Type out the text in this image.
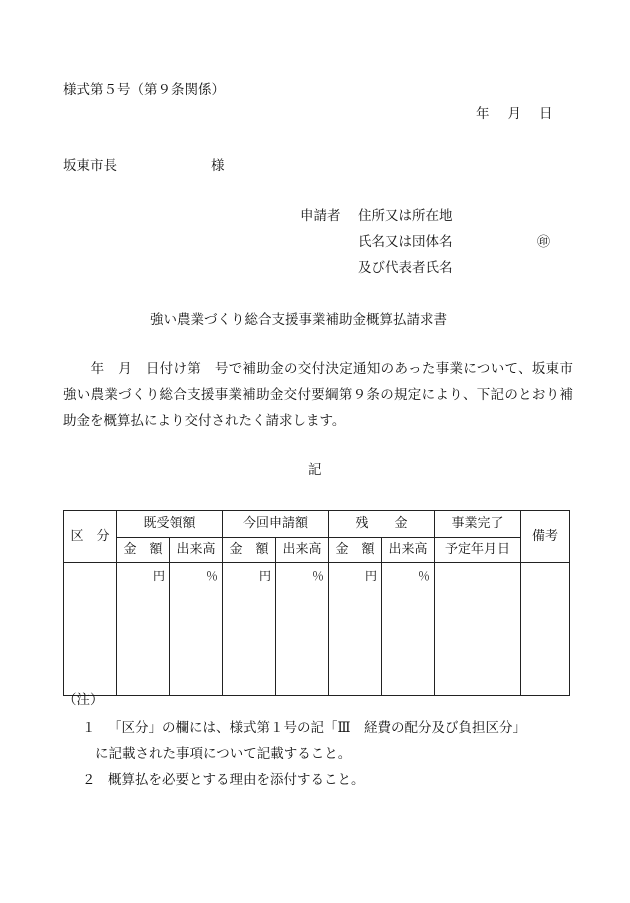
様式第５号（第９条関係）
年 月 日
坂東市長	様
申請者 住所又は所在地
氏名又は団体名	㊞
及び代表者氏名
強い農業づくり総合支援事業補助金概算払請求書
　　年　月　日付け第　号で補助金の交付決定通知のあった事業について、坂東市強い農業づくり総合支援事業補助金交付要綱第９条の規定により、下記のとおり補助金を概算払により交付されたく請求します。
記
区　分	既受領額		今回申請額		残　　金		事業完了	備考
	金　額	出来高	金　額	出来高	金　額	出来高	予定年月日	
	円	％	円	％	円	％		
（注）
１ 「区分」の欄には、様式第１号の記「Ⅲ　経費の配分及び負担区分」
に記載された事項について記載すること。
２ 概算払を必要とする理由を添付すること。
